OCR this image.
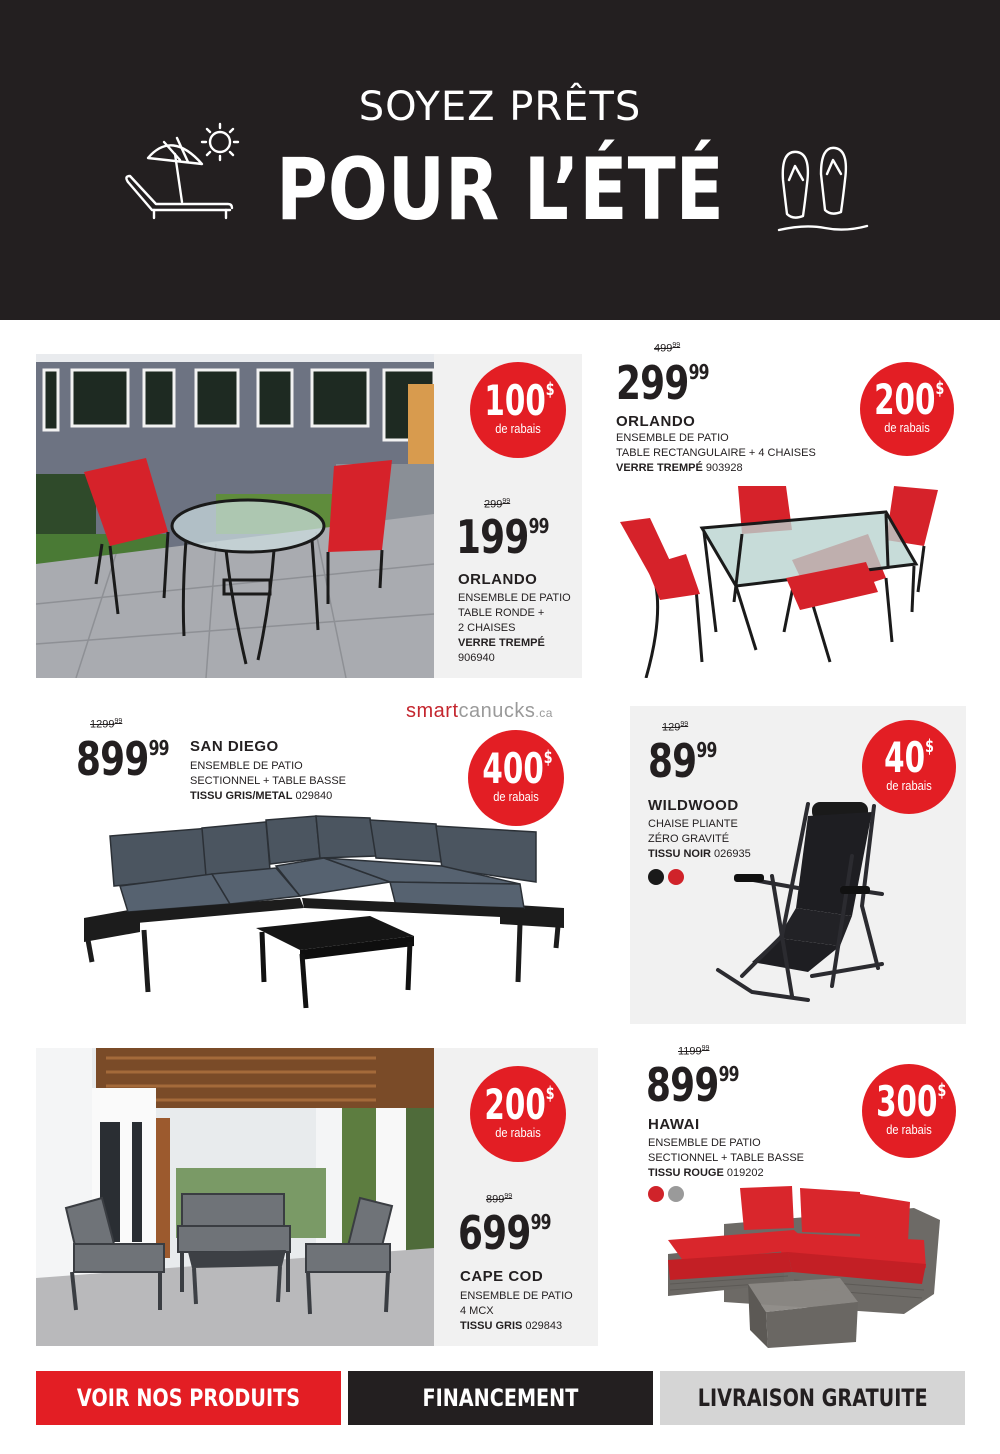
SOYEZ PRÊTS
POUR L’ÉTÉ
100$
de rabais
$299^{99}$
$199^{99}$
ORLANDO
ENSEMBLE DE PATIO
TABLE RONDE +
2 CHAISES
VERRE TREMPÉ
906940
$499^{99}$
$299^{99}$
ORLANDO
ENSEMBLE DE PATIO
TABLE RECTANGULAIRE + 4 CHAISES
VERRE TREMPÉ 903928
200$
de rabais
smartcanucks.ca
1299$^{99}$
$899^{99}$ SAN DIEGO
ENSEMBLE DE PATIO
SECTIONNEL + TABLE BASSE
TISSU GRIS/METAL 029840
400$
de rabais
$129^{99}$
$89^{99}$
WILDWOOD
CHAISE PLIANTE
ZÉRO GRAVITÉ
TISSU NOIR 026935
40$
de rabais
200$
de rabais
$899^{99}$
$699^{99}$
CAPE COD
ENSEMBLE DE PATIO
4 MCX
TISSU GRIS 029843
1199$^{99}$
$899^{99}$
HAWAI
ENSEMBLE DE PATIO
SECTIONNEL + TABLE BASSE
TISSU ROUGE 019202
300$
de rabais
VOIR NOS PRODUITS	FINANCEMENT	LIVRAISON GRATUITE
